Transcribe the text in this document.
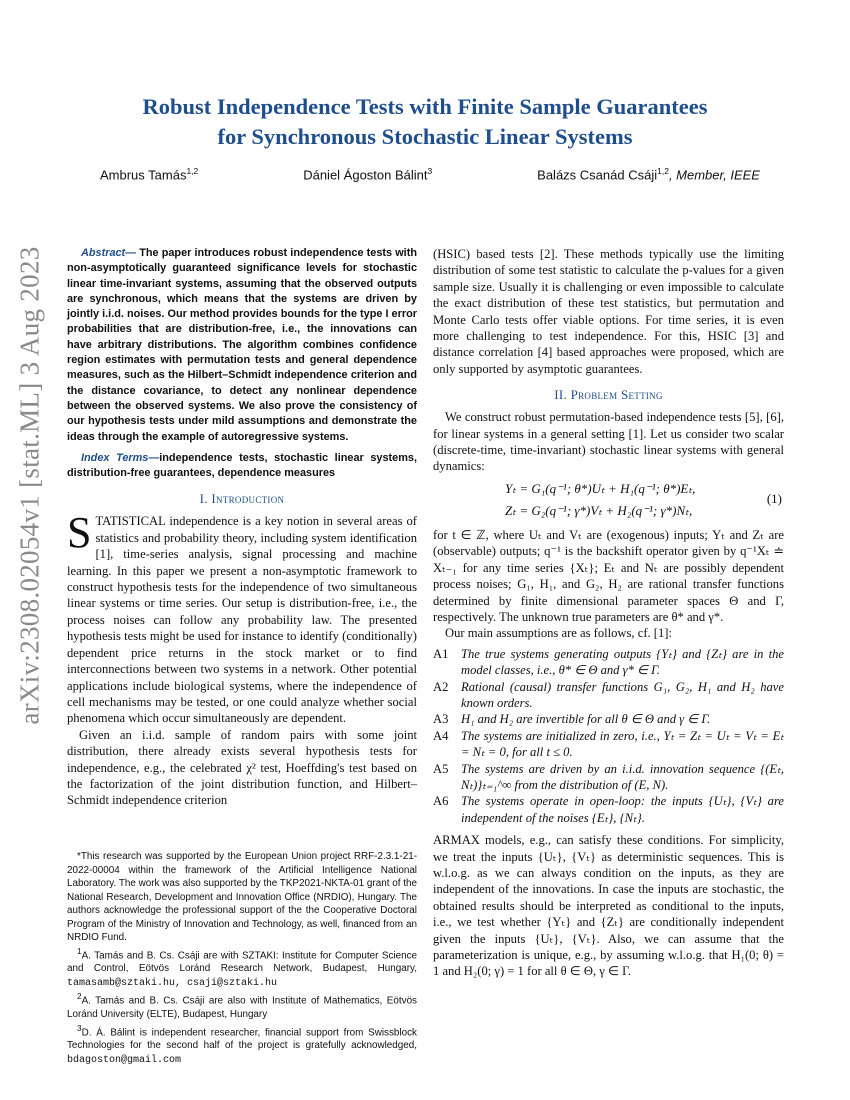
arXiv:2308.02054v1 [stat.ML] 3 Aug 2023
Robust Independence Tests with Finite Sample Guarantees
for Synchronous Stochastic Linear Systems
Ambrus Tamás$^{1,2}$	Dániel Ágoston Bálint$^3$	Balázs Csanád Csáji$^{1,2}$, Member, IEEE

Abstract— The paper introduces robust independence tests with non-asymptotically guaranteed significance levels for stochastic linear time-invariant systems, assuming that the observed outputs are synchronous, which means that the systems are driven by jointly i.i.d. noises. Our method provides bounds for the type I error probabilities that are distribution-free, i.e., the innovations can have arbitrary distributions. The algorithm combines confidence region estimates with permutation tests and general dependence measures, such as the Hilbert–Schmidt independence criterion and the distance covariance, to detect any nonlinear dependence between the observed systems. We also prove the consistency of our hypothesis tests under mild assumptions and demonstrate the ideas through the example of autoregressive systems.

Index Terms—independence tests, stochastic linear systems, distribution-free guarantees, dependence measures

I. Introduction

STATISTICAL independence is a key notion in several areas of statistics and probability theory, including system identification [1], time-series analysis, signal processing and machine learning. In this paper we present a non-asymptotic framework to construct hypothesis tests for the independence of two simultaneous linear systems or time series. Our setup is distribution-free, i.e., the process noises can follow any probability law. The presented hypothesis tests might be used for instance to identify (conditionally) dependent price returns in the stock market or to find interconnections between two systems in a network. Other potential applications include biological systems, where the independence of cell mechanisms may be tested, or one could analyze whether social phenomena which occur simultaneously are dependent.

Given an i.i.d. sample of random pairs with some joint distribution, there already exists several hypothesis tests for independence, e.g., the celebrated χ² test, Hoeffding's test based on the factorization of the joint distribution function, and Hilbert–Schmidt independence criterion

*This research was supported by the European Union project RRF-2.3.1-21-2022-00004 within the framework of the Artificial Intelligence National Laboratory. The work was also supported by the TKP2021-NKTA-01 grant of the National Research, Development and Innovation Office (NRDIO), Hungary. The authors acknowledge the professional support of the the Cooperative Doctoral Program of the Ministry of Innovation and Technology, as well, financed from an NRDIO Fund.

$^1$A. Tamás and B. Cs. Csáji are with SZTAKI: Institute for Computer Science and Control, Eötvös Loránd Research Network, Budapest, Hungary, tamasamb@sztaki.hu, csaji@sztaki.hu

$^2$A. Tamás and B. Cs. Csáji are also with Institute of Mathematics, Eötvös Loránd University (ELTE), Budapest, Hungary

$^3$D. Á. Bálint is independent researcher, financial support from Swissblock Technologies for the second half of the project is gratefully acknowledged, bdagoston@gmail.com

(HSIC) based tests [2]. These methods typically use the limiting distribution of some test statistic to calculate the p-values for a given sample size. Usually it is challenging or even impossible to calculate the exact distribution of these test statistics, but permutation and Monte Carlo tests offer viable options. For time series, it is even more challenging to test independence. For this, HSIC [3] and distance correlation [4] based approaches were proposed, which are only supported by asymptotic guarantees.

II. Problem Setting

We construct robust permutation-based independence tests [5], [6], for linear systems in a general setting [1]. Let us consider two scalar (discrete-time, time-invariant) stochastic linear systems with general dynamics:

Yₜ = G₁(q⁻¹; θ*)Uₜ + H₁(q⁻¹; θ*)Eₜ,
Zₜ = G₂(q⁻¹; γ*)Vₜ + H₂(q⁻¹; γ*)Nₜ,
(1)

for t ∈ ℤ, where Uₜ and Vₜ are (exogenous) inputs; Yₜ and Zₜ are (observable) outputs; q⁻¹ is the backshift operator given by q⁻¹Xₜ ≐ Xₜ₋₁ for any time series {Xₜ}; Eₜ and Nₜ are possibly dependent process noises; G₁, H₁, and G₂, H₂ are rational transfer functions determined by finite dimensional parameter spaces Θ and Γ, respectively. The unknown true parameters are θ* and γ*.

Our main assumptions are as follows, cf. [1]:

A1 The true systems generating outputs {Yₜ} and {Zₜ} are in the model classes, i.e., θ* ∈ Θ and γ* ∈ Γ.
A2 Rational (causal) transfer functions G₁, G₂, H₁ and H₂ have known orders.
A3 H₁ and H₂ are invertible for all θ ∈ Θ and γ ∈ Γ.
A4 The systems are initialized in zero, i.e., Yₜ = Zₜ = Uₜ = Vₜ = Eₜ = Nₜ = 0, for all t ≤ 0.
A5 The systems are driven by an i.i.d. innovation sequence {(Eₜ, Nₜ)}ₜ₌₁^∞ from the distribution of (E, N).
A6 The systems operate in open-loop: the inputs {Uₜ}, {Vₜ} are independent of the noises {Eₜ}, {Nₜ}.

ARMAX models, e.g., can satisfy these conditions. For simplicity, we treat the inputs {Uₜ}, {Vₜ} as deterministic sequences. This is w.l.o.g. as we can always condition on the inputs, as they are independent of the innovations. In case the inputs are stochastic, the obtained results should be interpreted as conditional to the inputs, i.e., we test whether {Yₜ} and {Zₜ} are conditionally independent given the inputs {Uₜ}, {Vₜ}. Also, we can assume that the parameterization is unique, e.g., by assuming w.l.o.g. that H₁(0; θ) = 1 and H₂(0; γ) = 1 for all θ ∈ Θ, γ ∈ Γ.
